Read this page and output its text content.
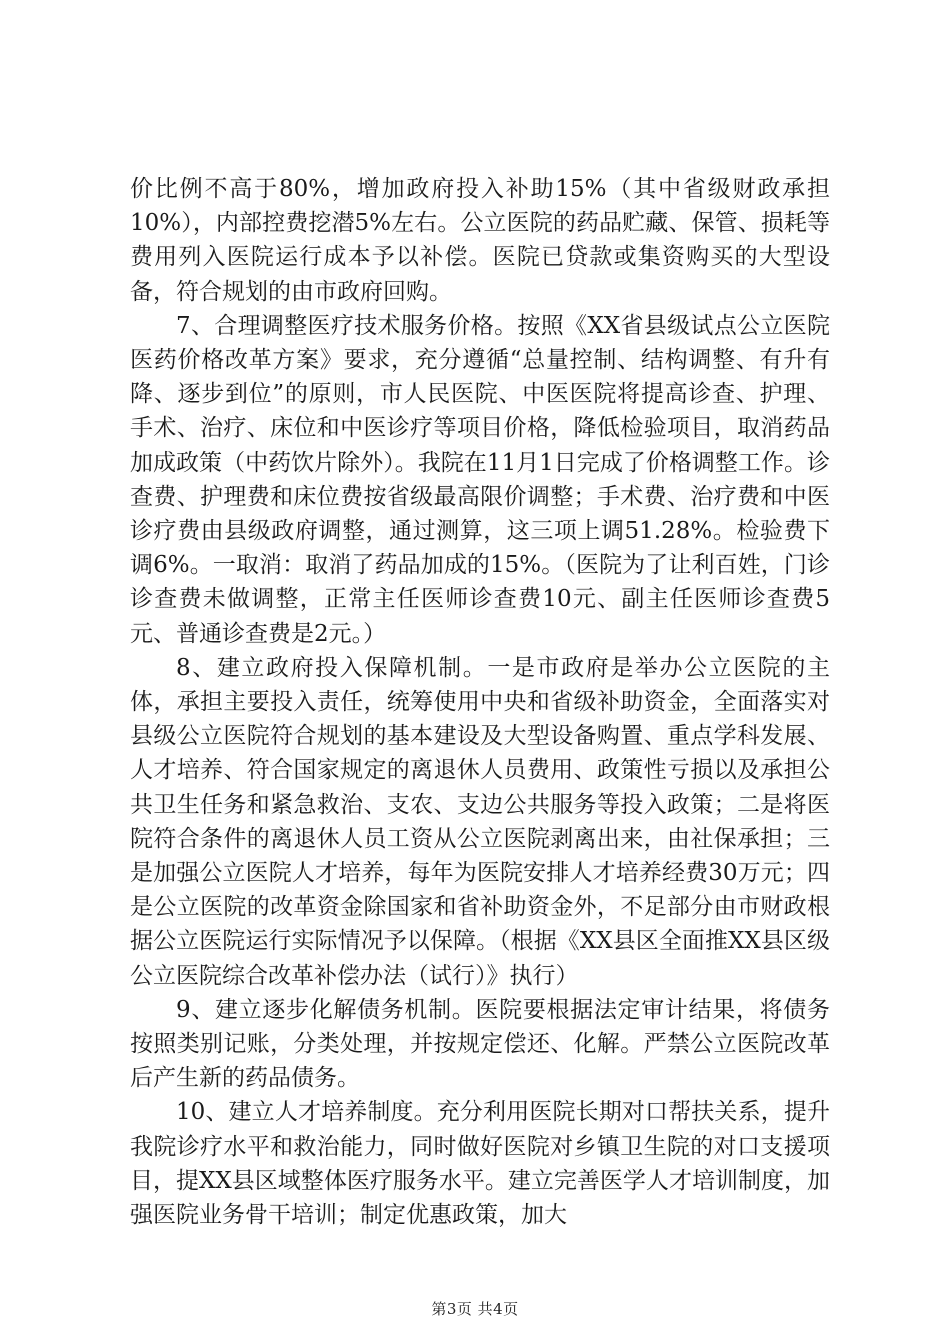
价比例不高于80%，增加政府投入补助15%（其中省级财政承担10%），内部控费挖潜5%左右。公立医院的药品贮藏、保管、损耗等费用列入医院运行成本予以补偿。医院已贷款或集资购买的大型设备，符合规划的由市政府回购。

7、合理调整医疗技术服务价格。按照《XX省县级试点公立医院医药价格改革方案》要求，充分遵循“总量控制、结构调整、有升有降、逐步到位”的原则，市人民医院、中医医院将提高诊查、护理、手术、治疗、床位和中医诊疗等项目价格，降低检验项目，取消药品加成政策（中药饮片除外）。我院在11月1日完成了价格调整工作。诊查费、护理费和床位费按省级最高限价调整；手术费、治疗费和中医诊疗费由县级政府调整，通过测算，这三项上调51.28%。检验费下调6%。一取消：取消了药品加成的15%。（医院为了让利百姓，门诊诊查费未做调整，正常主任医师诊查费10元、副主任医师诊查费5元、普通诊查费是2元。）

8、建立政府投入保障机制。一是市政府是举办公立医院的主体，承担主要投入责任，统筹使用中央和省级补助资金，全面落实对县级公立医院符合规划的基本建设及大型设备购置、重点学科发展、人才培养、符合国家规定的离退休人员费用、政策性亏损以及承担公共卫生任务和紧急救治、支农、支边公共服务等投入政策；二是将医院符合条件的离退休人员工资从公立医院剥离出来，由社保承担；三是加强公立医院人才培养，每年为医院安排人才培养经费30万元；四是公立医院的改革资金除国家和省补助资金外，不足部分由市财政根据公立医院运行实际情况予以保障。（根据《XX县区全面推XX县区级公立医院综合改革补偿办法（试行）》执行）

9、建立逐步化解债务机制。医院要根据法定审计结果，将债务按照类别记账，分类处理，并按规定偿还、化解。严禁公立医院改革后产生新的药品债务。

10、建立人才培养制度。充分利用医院长期对口帮扶关系，提升我院诊疗水平和救治能力，同时做好医院对乡镇卫生院的对口支援项目，提XX县区域整体医疗服务水平。建立完善医学人才培训制度，加强医院业务骨干培训；制定优惠政策，加大

第3页 共4页
